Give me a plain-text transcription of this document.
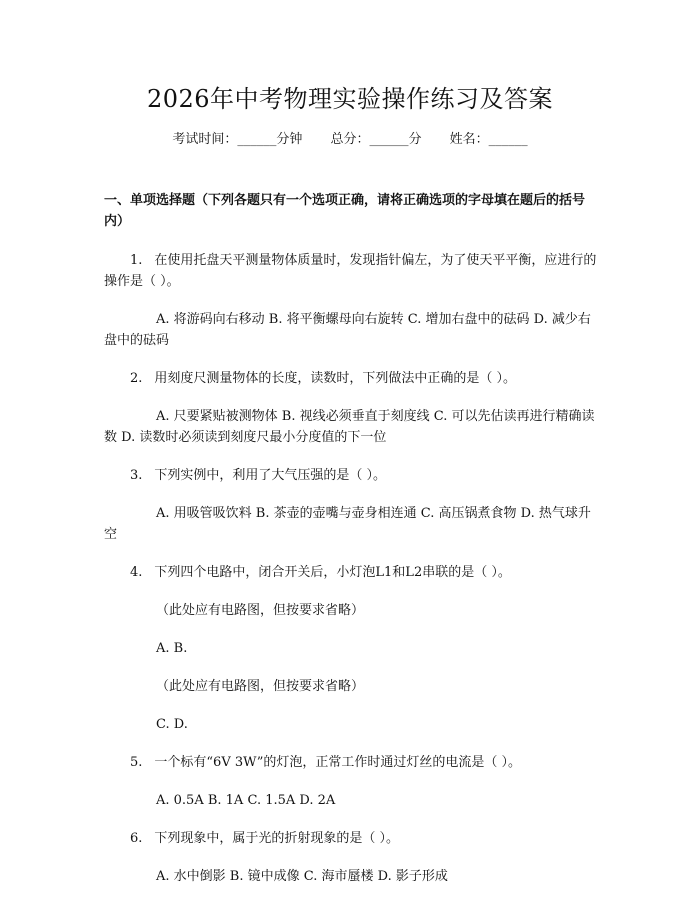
2026年中考物理实验操作练习及答案
考试时间：______分钟 总分：______分 姓名：______
一、单项选择题（下列各题只有一个选项正确，请将正确选项的字母填在题后的括号内）
1. 在使用托盘天平测量物体质量时，发现指针偏左，为了使天平平衡，应进行的操作是（ ）。
A. 将游码向右移动 B. 将平衡螺母向右旋转 C. 增加右盘中的砝码 D. 减少右盘中的砝码
2. 用刻度尺测量物体的长度，读数时，下列做法中正确的是（ ）。
A. 尺要紧贴被测物体 B. 视线必须垂直于刻度线 C. 可以先估读再进行精确读数 D. 读数时必须读到刻度尺最小分度值的下一位
3. 下列实例中，利用了大气压强的是（ ）。
A. 用吸管吸饮料 B. 茶壶的壶嘴与壶身相连通 C. 高压锅煮食物 D. 热气球升空
4. 下列四个电路中，闭合开关后，小灯泡L1和L2串联的是（ ）。
（此处应有电路图，但按要求省略）
A. B.
（此处应有电路图，但按要求省略）
C. D.
5. 一个标有“6V 3W”的灯泡，正常工作时通过灯丝的电流是（ ）。
A. 0.5A B. 1A C. 1.5A D. 2A
6. 下列现象中，属于光的折射现象的是（ ）。
A. 水中倒影 B. 镜中成像 C. 海市蜃楼 D. 影子形成
